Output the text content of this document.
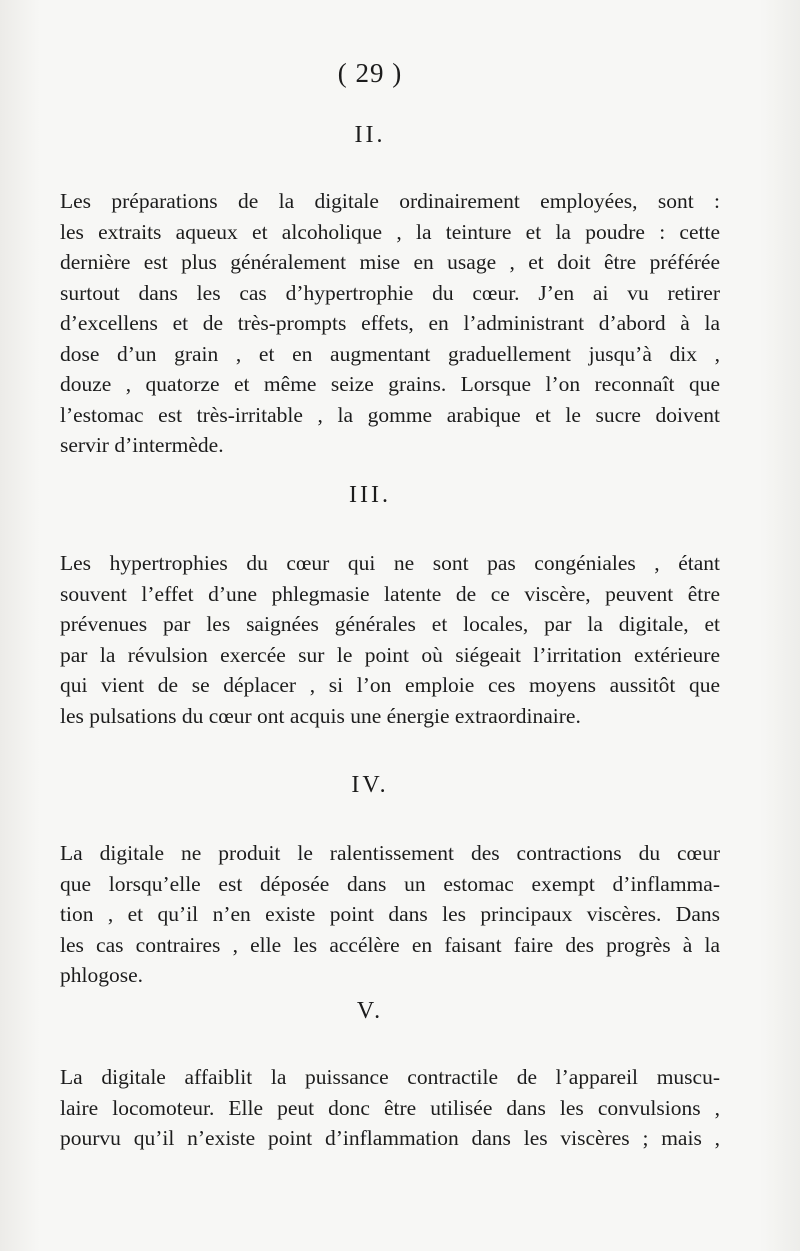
( 29 )
II.
Les préparations de la digitale ordinairement employées, sont :
les extraits aqueux et alcoholique , la teinture et la poudre : cette
dernière est plus généralement mise en usage , et doit être préférée
surtout dans les cas d’hypertrophie du cœur. J’en ai vu retirer
d’excellens et de très-prompts effets, en l’administrant d’abord à la
dose d’un grain , et en augmentant graduellement jusqu’à dix ,
douze , quatorze et même seize grains. Lorsque l’on reconnaît que
l’estomac est très-irritable , la gomme arabique et le sucre doivent
servir d’intermède.
III.
Les hypertrophies du cœur qui ne sont pas congéniales , étant
souvent l’effet d’une phlegmasie latente de ce viscère, peuvent être
prévenues par les saignées générales et locales, par la digitale, et
par la révulsion exercée sur le point où siégeait l’irritation extérieure
qui vient de se déplacer , si l’on emploie ces moyens aussitôt que
les pulsations du cœur ont acquis une énergie extraordinaire.
IV.
La digitale ne produit le ralentissement des contractions du cœur
que lorsqu’elle est déposée dans un estomac exempt d’inflamma-
tion , et qu’il n’en existe point dans les principaux viscères. Dans
les cas contraires , elle les accélère en faisant faire des progrès à la
phlogose.
V.
La digitale affaiblit la puissance contractile de l’appareil muscu-
laire locomoteur. Elle peut donc être utilisée dans les convulsions ,
pourvu qu’il n’existe point d’inflammation dans les viscères ; mais ,
